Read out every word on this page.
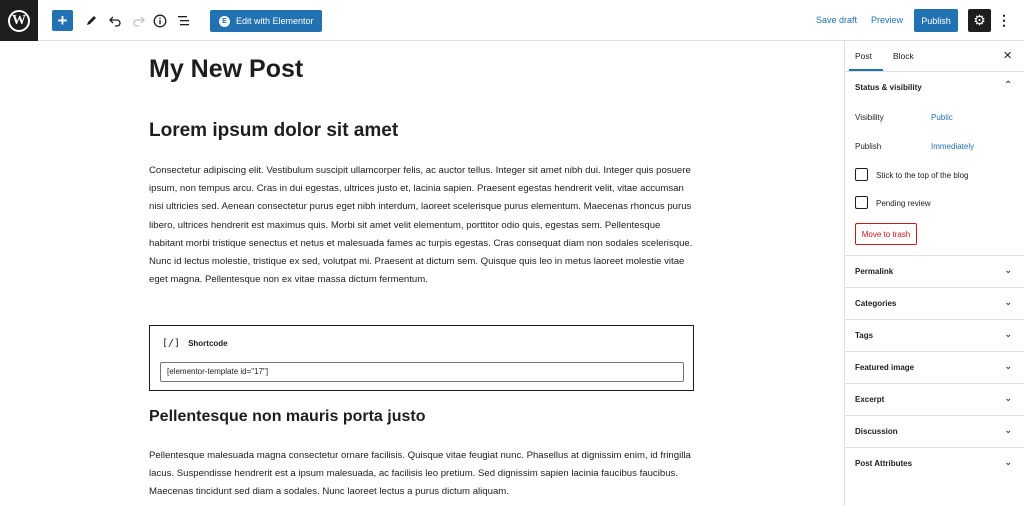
W +	E	Edit with Elementor	Save draft Preview	Publish	⚙ ⋮
My New Post
Lorem ipsum dolor sit amet
Consectetur adipiscing elit. Vestibulum suscipit ullamcorper felis, ac auctor tellus. Integer sit amet nibh dui. Integer quis posuere ipsum, non tempus arcu. Cras in dui egestas, ultrices justo et, lacinia sapien. Praesent egestas hendrerit velit, vitae accumsan nisi ultricies sed. Aenean consectetur purus eget nibh interdum, laoreet scelerisque purus elementum. Maecenas rhoncus purus libero, ultrices hendrerit est maximus quis. Morbi sit amet velit elementum, porttitor odio quis, egestas sem. Pellentesque habitant morbi tristique senectus et netus et malesuada fames ac turpis egestas. Cras consequat diam non sodales scelerisque. Nunc id lectus molestie, tristique ex sed, volutpat mi. Praesent at dictum sem. Quisque quis leo in metus laoreet molestie vitae eget magna. Pellentesque non ex vitae massa dictum fermentum.
[/] Shortcode
[elementor-template id="17"]
Pellentesque non mauris porta justo
Pellentesque malesuada magna consectetur ornare facilisis. Quisque vitae feugiat nunc. Phasellus at dignissim enim, id fringilla lacus. Suspendisse hendrerit est a ipsum malesuada, ac facilisis leo pretium. Sed dignissim sapien lacinia faucibus faucibus. Maecenas tincidunt sed diam a sodales. Nunc laoreet lectus a purus dictum aliquam.
Post Block	✕
Status & visibility	⌃
Visibility	Public
Publish	Immediately
Stick to the top of the blog
Pending review
Move to trash
Permalink	⌄
Categories	⌄
Tags	⌄
Featured image	⌄
Excerpt	⌄
Discussion	⌄
Post Attributes	⌄
